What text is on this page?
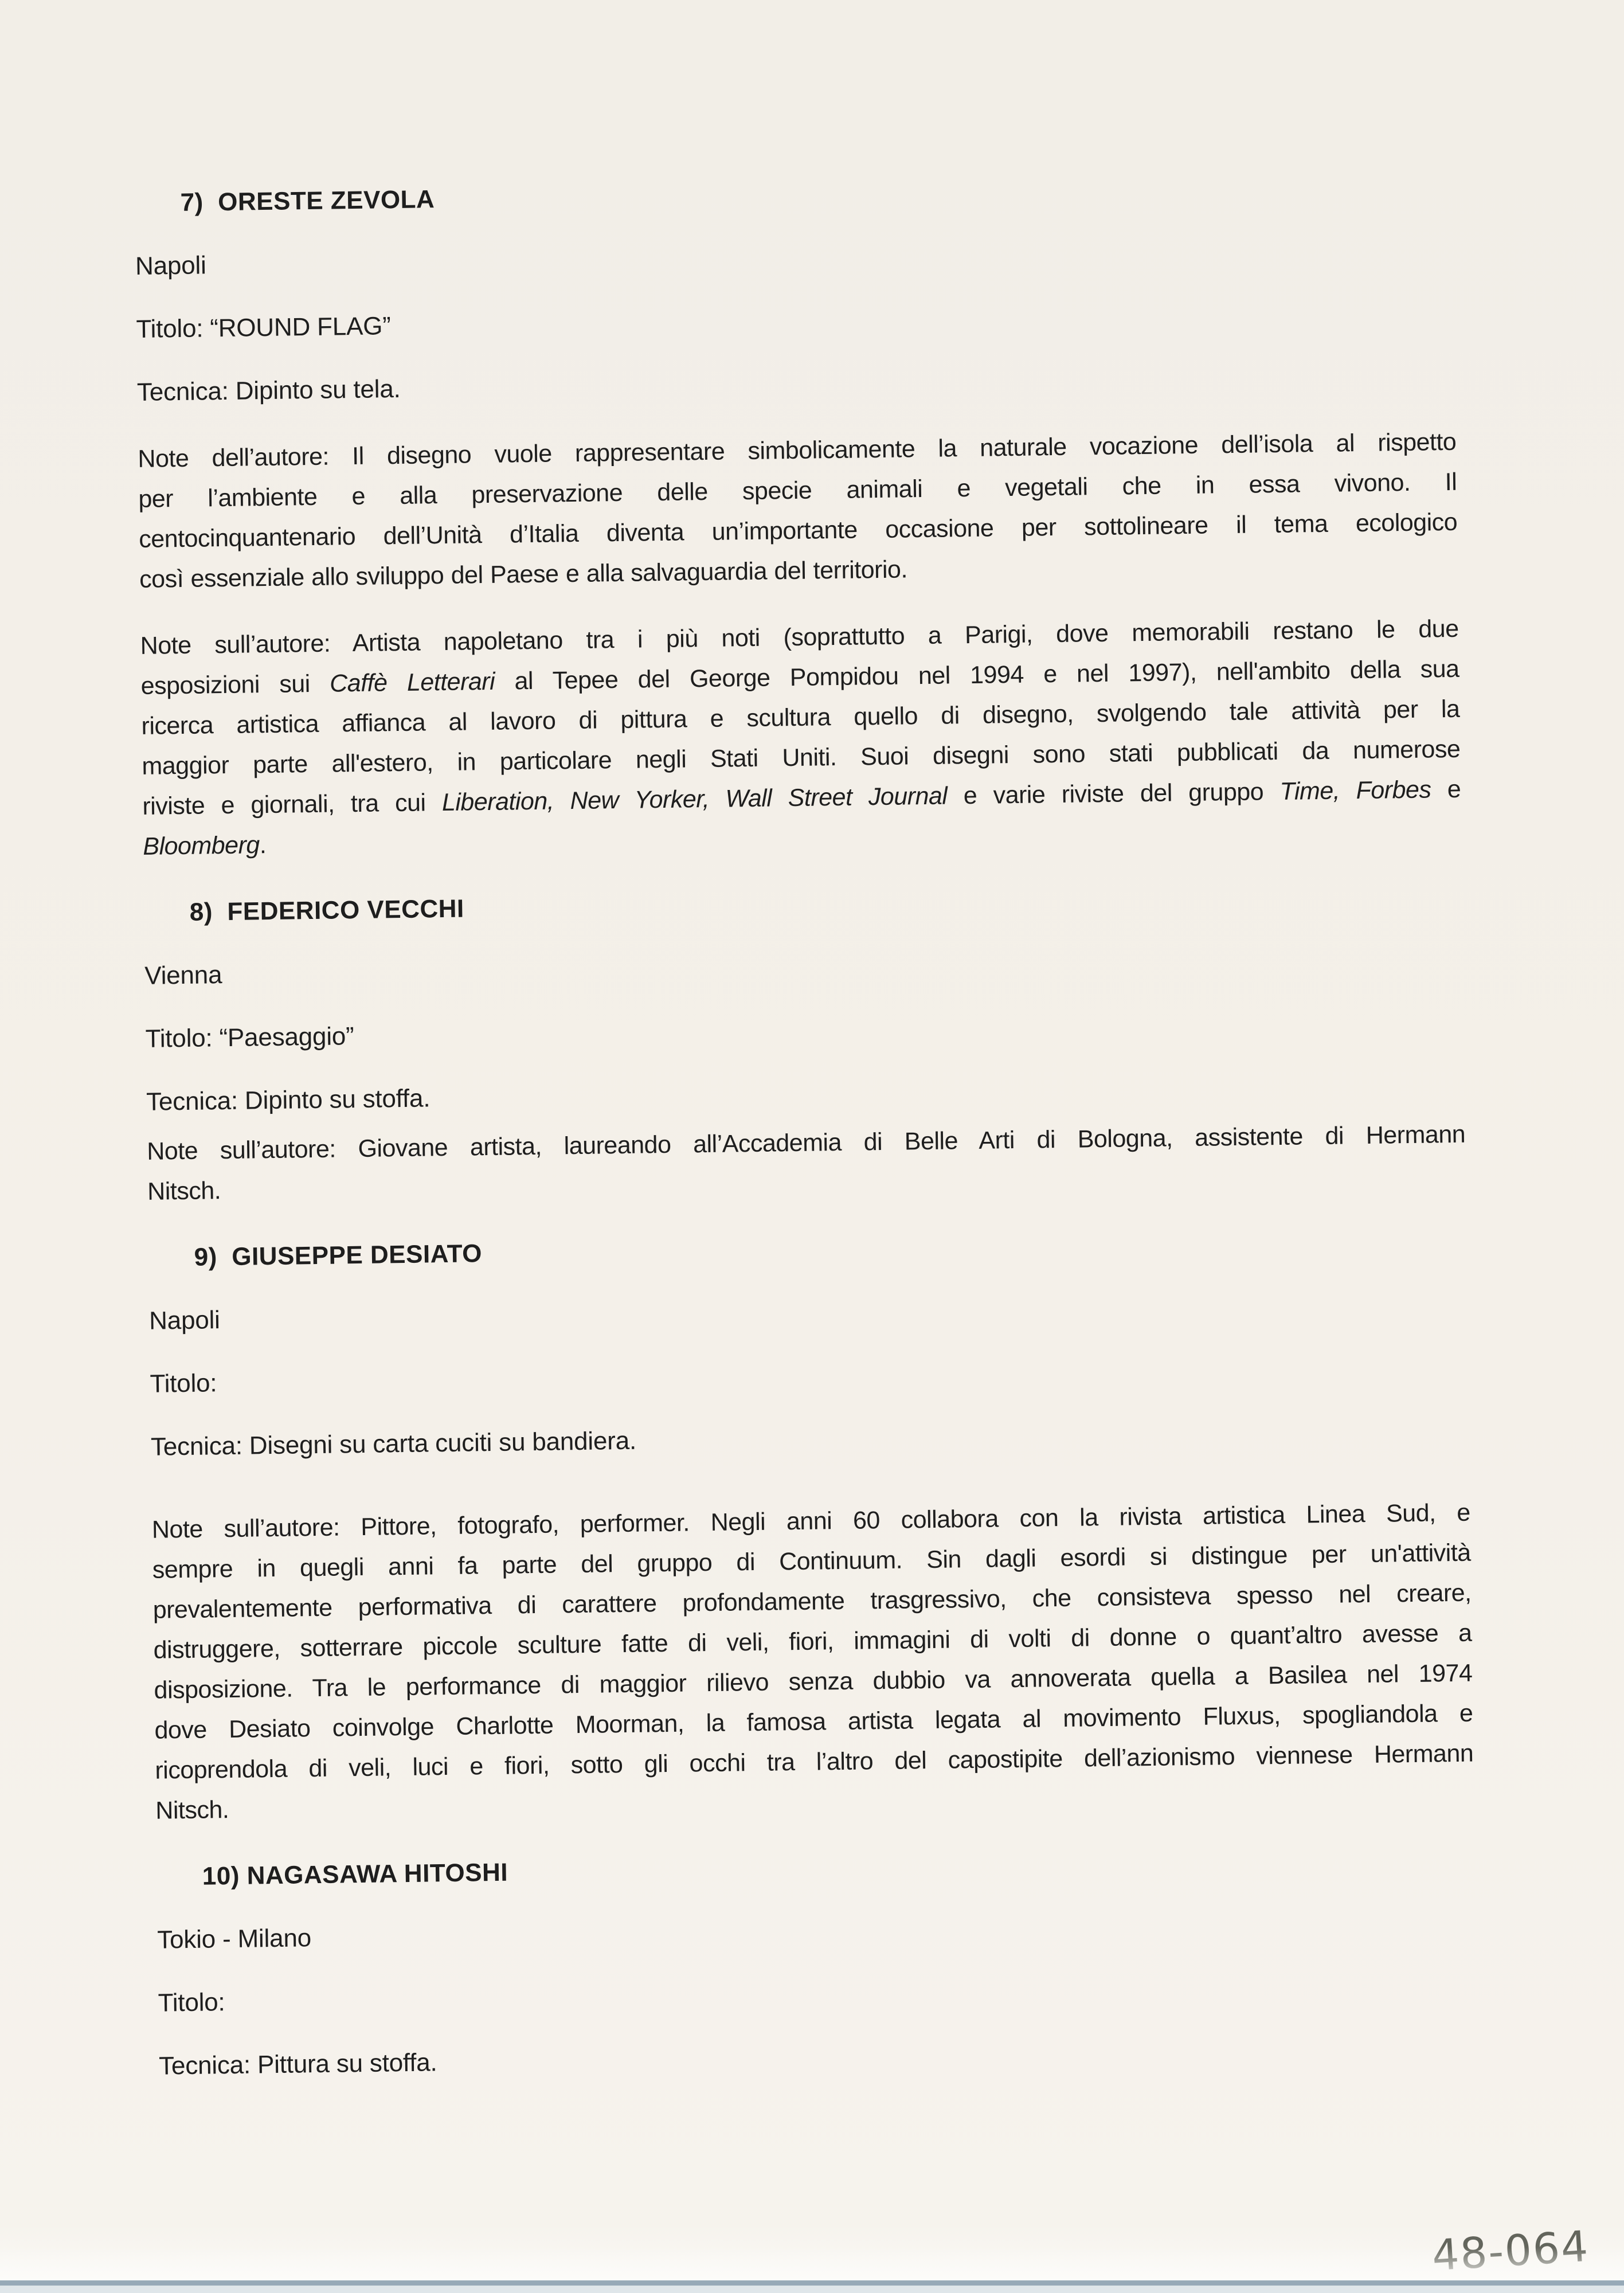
7)  ORESTE ZEVOLA
Napoli
Titolo: “ROUND FLAG”
Tecnica: Dipinto su tela.
Note dell’autore: Il disegno vuole rappresentare simbolicamente la naturale vocazione dell’isola al rispetto
per l’ambiente e alla preservazione delle specie animali e vegetali che in essa vivono. Il
centocinquantenario dell’Unità d’Italia diventa un’importante occasione per sottolineare il tema ecologico
così essenziale allo sviluppo del Paese e alla salvaguardia del territorio.
Note sull’autore: Artista napoletano tra i più noti (soprattutto a Parigi, dove memorabili restano le due
esposizioni sui Caffè Letterari al Tepee del George Pompidou nel 1994 e nel 1997), nell'ambito della sua
ricerca artistica affianca al lavoro di pittura e scultura quello di disegno, svolgendo tale attività per la
maggior parte all'estero, in particolare negli Stati Uniti. Suoi disegni sono stati pubblicati da numerose
riviste e giornali, tra cui Liberation, New Yorker, Wall Street Journal e varie riviste del gruppo Time, Forbes e
Bloomberg.
8)  FEDERICO VECCHI
Vienna
Titolo: “Paesaggio”
Tecnica: Dipinto su stoffa.
Note sull’autore: Giovane artista, laureando all’Accademia di Belle Arti di Bologna, assistente di Hermann
Nitsch.
9)  GIUSEPPE DESIATO
Napoli
Titolo:
Tecnica: Disegni su carta cuciti su bandiera.
Note sull’autore: Pittore, fotografo, performer. Negli anni 60 collabora con la rivista artistica Linea Sud, e
sempre in quegli anni fa parte del gruppo di Continuum. Sin dagli esordi si distingue per un'attività
prevalentemente performativa di carattere profondamente trasgressivo, che consisteva spesso nel creare,
distruggere, sotterrare piccole sculture fatte di veli, fiori, immagini di volti di donne o quant’altro avesse a
disposizione. Tra le performance di maggior rilievo senza dubbio va annoverata quella a Basilea nel 1974
dove Desiato coinvolge Charlotte Moorman, la famosa artista legata al movimento Fluxus, spogliandola e
ricoprendola di veli, luci e fiori, sotto gli occhi tra l’altro del capostipite dell’azionismo viennese Hermann
Nitsch.
10) NAGASAWA HITOSHI
Tokio - Milano
Titolo:
Tecnica: Pittura su stoffa.
